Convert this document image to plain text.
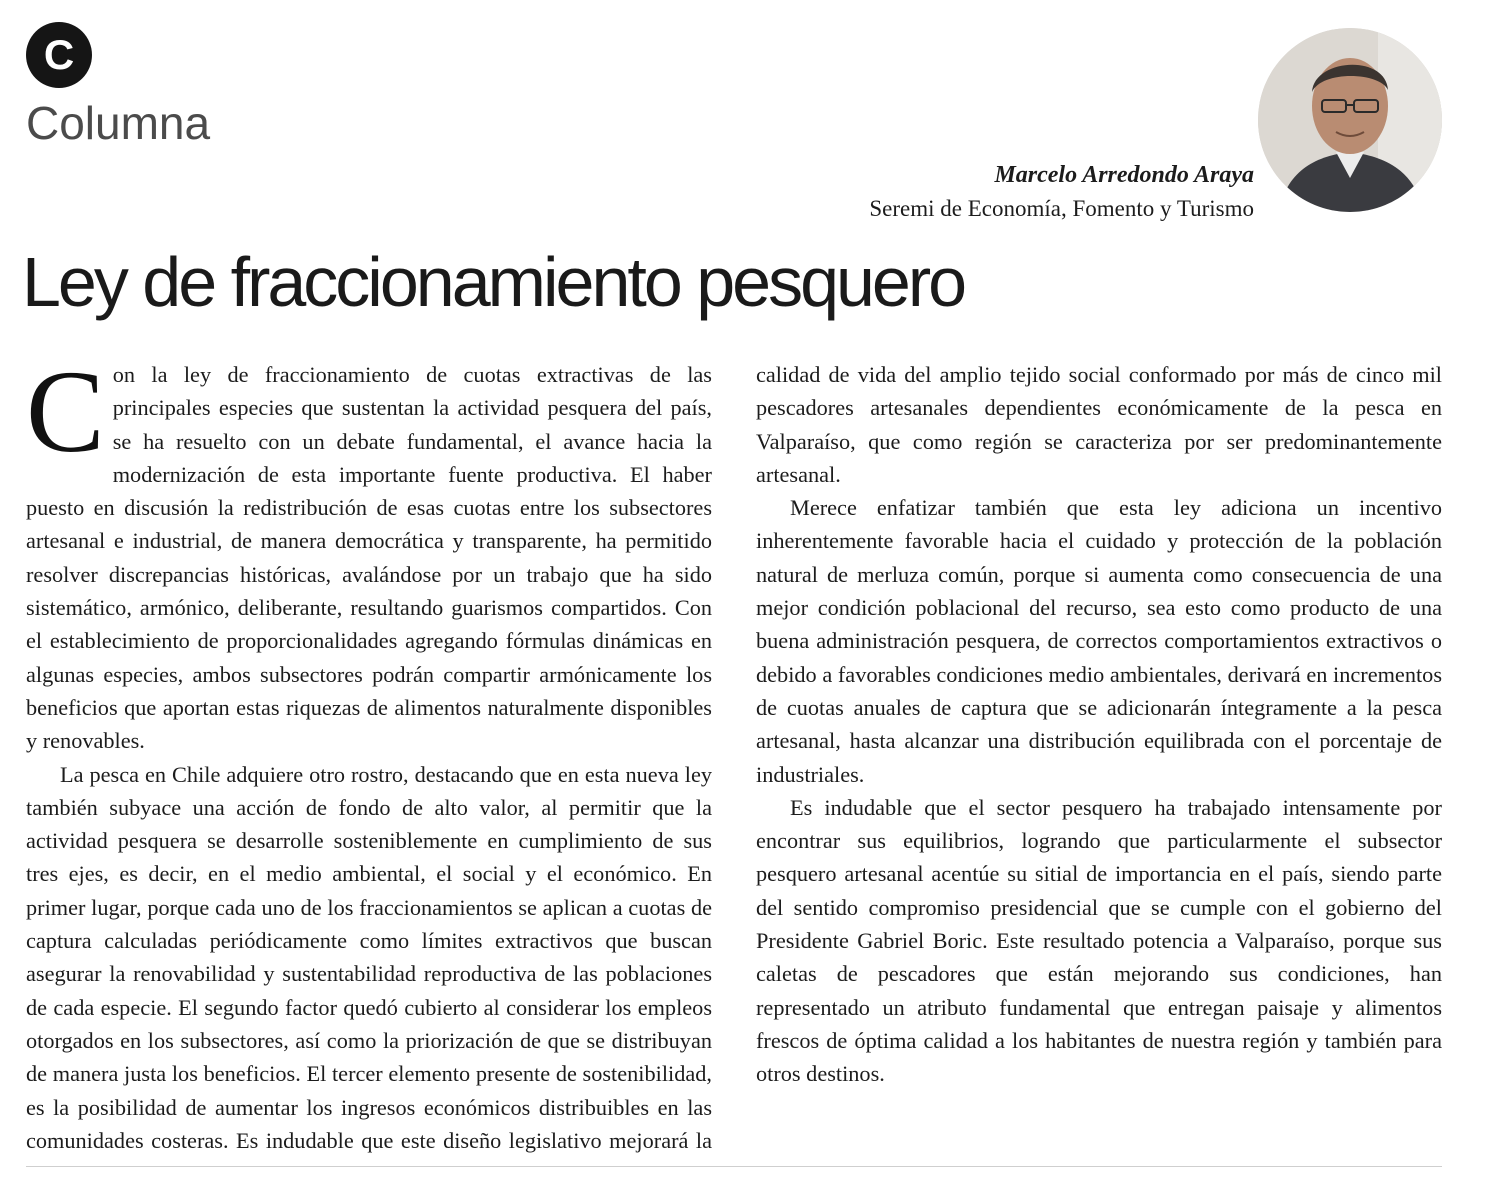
C
Columna
Marcelo Arredondo Araya
Seremi de Economía, Fomento y Turismo
Ley de fraccionamiento pesquero

Con la ley de fraccionamiento de cuotas extractivas de las principales especies que sustentan la actividad pesquera del país, se ha resuelto con un debate fundamental, el avance hacia la modernización de esta importante fuente productiva. El haber puesto en discusión la redistribución de esas cuotas entre los subsectores artesanal e industrial, de manera democrática y transparente, ha permitido resolver discrepancias históricas, avalándose por un trabajo que ha sido sistemático, armónico, deliberante, resultando guarismos compartidos. Con el establecimiento de proporcionalidades agregando fórmulas dinámicas en algunas especies, ambos subsectores podrán compartir armónicamente los beneficios que aportan estas riquezas de alimentos naturalmente disponibles y renovables.

La pesca en Chile adquiere otro rostro, destacando que en esta nueva ley también subyace una acción de fondo de alto valor, al permitir que la actividad pesquera se desarrolle sosteniblemente en cumplimiento de sus tres ejes, es decir, en el medio ambiental, el social y el económico. En primer lugar, porque cada uno de los fraccionamientos se aplican a cuotas de captura calculadas periódicamente como límites extractivos que buscan asegurar la renovabilidad y sustentabilidad reproductiva de las poblaciones de cada especie. El segundo factor quedó cubierto al considerar los empleos otorgados en los subsectores, así como la priorización de que se distribuyan de manera justa los beneficios. El tercer elemento presente de sostenibilidad, es la posibilidad de aumentar los ingresos económicos distribuibles en las comunidades costeras. Es indudable que este diseño legislativo mejorará la calidad de vida del amplio tejido social conformado por más de cinco mil pescadores artesanales dependientes económicamente de la pesca en Valparaíso, que como región se caracteriza por ser predominantemente artesanal.

Merece enfatizar también que esta ley adiciona un incentivo inherentemente favorable hacia el cuidado y protección de la población natural de merluza común, porque si aumenta como consecuencia de una mejor condición poblacional del recurso, sea esto como producto de una buena administración pesquera, de correctos comportamientos extractivos o debido a favorables condiciones medio ambientales, derivará en incrementos de cuotas anuales de captura que se adicionarán íntegramente a la pesca artesanal, hasta alcanzar una distribución equilibrada con el porcentaje de industriales.

Es indudable que el sector pesquero ha trabajado intensamente por encontrar sus equilibrios, logrando que particularmente el subsector pesquero artesanal acentúe su sitial de importancia en el país, siendo parte del sentido compromiso presidencial que se cumple con el gobierno del Presidente Gabriel Boric. Este resultado potencia a Valparaíso, porque sus caletas de pescadores que están mejorando sus condiciones, han representado un atributo fundamental que entregan paisaje y alimentos frescos de óptima calidad a los habitantes de nuestra región y también para otros destinos.
